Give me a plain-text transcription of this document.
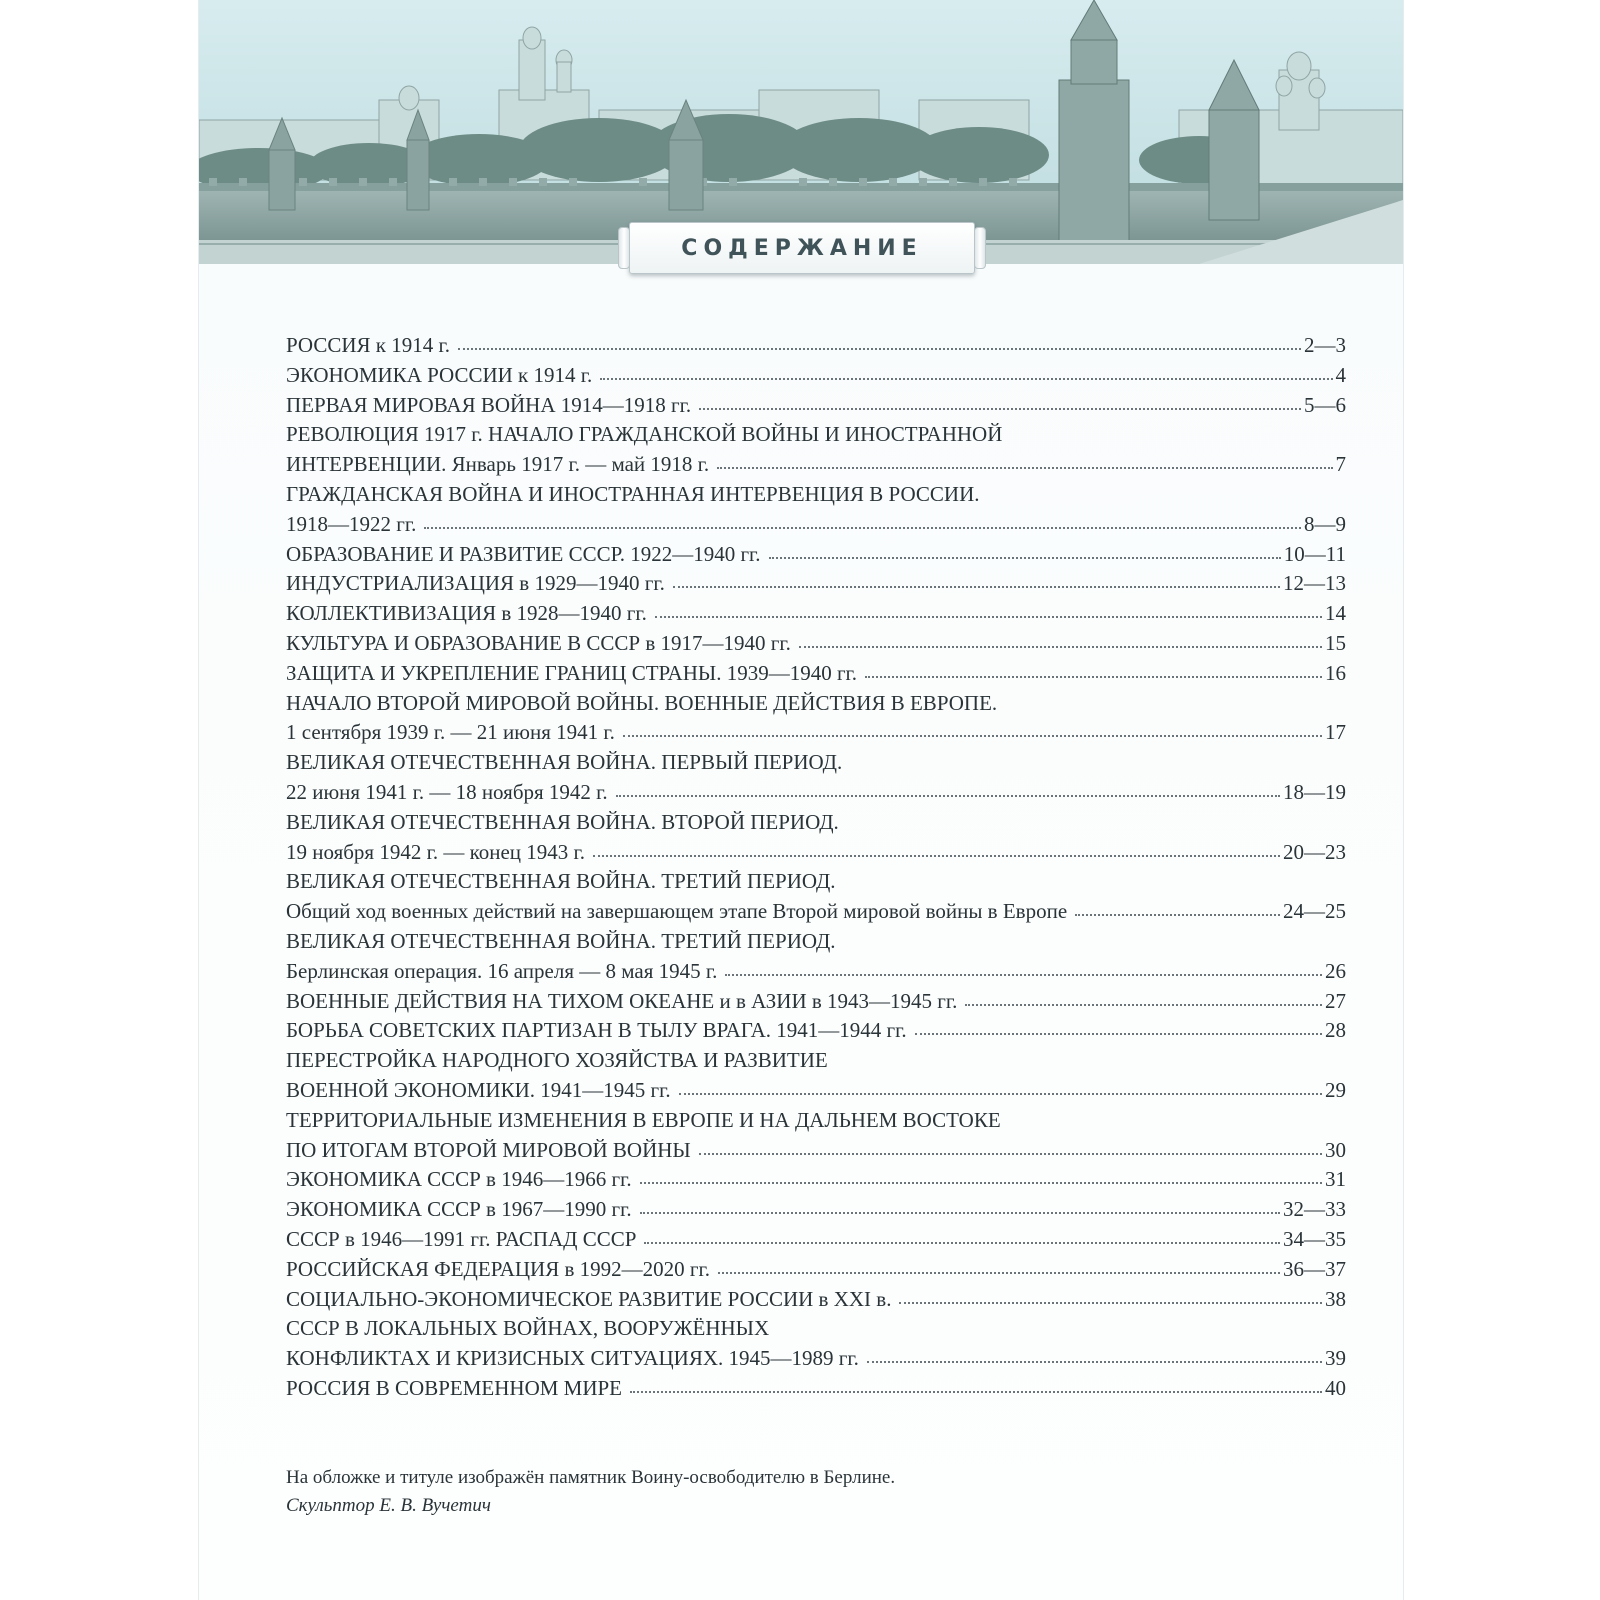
СОДЕРЖАНИЕ
РОССИЯ к 1914 г.	2—3
ЭКОНОМИКА РОССИИ к 1914 г.	4
ПЕРВАЯ МИРОВАЯ ВОЙНА 1914—1918 гг.	5—6
РЕВОЛЮЦИЯ 1917 г. НАЧАЛО ГРАЖДАНСКОЙ ВОЙНЫ И ИНОСТРАННОЙ
ИНТЕРВЕНЦИИ. Январь 1917 г. — май 1918 г.	7
ГРАЖДАНСКАЯ ВОЙНА И ИНОСТРАННАЯ ИНТЕРВЕНЦИЯ В РОССИИ.
1918—1922 гг.	8—9
ОБРАЗОВАНИЕ И РАЗВИТИЕ СССР. 1922—1940 гг.	10—11
ИНДУСТРИАЛИЗАЦИЯ в 1929—1940 гг.	12—13
КОЛЛЕКТИВИЗАЦИЯ в 1928—1940 гг.	14
КУЛЬТУРА И ОБРАЗОВАНИЕ В СССР в 1917—1940 гг.	15
ЗАЩИТА И УКРЕПЛЕНИЕ ГРАНИЦ СТРАНЫ. 1939—1940 гг.	16
НАЧАЛО ВТОРОЙ МИРОВОЙ ВОЙНЫ. ВОЕННЫЕ ДЕЙСТВИЯ В ЕВРОПЕ.
1 сентября 1939 г. — 21 июня 1941 г.	17
ВЕЛИКАЯ ОТЕЧЕСТВЕННАЯ ВОЙНА. ПЕРВЫЙ ПЕРИОД.
22 июня 1941 г. — 18 ноября 1942 г.	18—19
ВЕЛИКАЯ ОТЕЧЕСТВЕННАЯ ВОЙНА. ВТОРОЙ ПЕРИОД.
19 ноября 1942 г. — конец 1943 г.	20—23
ВЕЛИКАЯ ОТЕЧЕСТВЕННАЯ ВОЙНА. ТРЕТИЙ ПЕРИОД.
Общий ход военных действий на завершающем этапе Второй мировой войны в Европе	24—25
ВЕЛИКАЯ ОТЕЧЕСТВЕННАЯ ВОЙНА. ТРЕТИЙ ПЕРИОД.
Берлинская операция. 16 апреля — 8 мая 1945 г.	26
ВОЕННЫЕ ДЕЙСТВИЯ НА ТИХОМ ОКЕАНЕ и в АЗИИ в 1943—1945 гг.	27
БОРЬБА СОВЕТСКИХ ПАРТИЗАН В ТЫЛУ ВРАГА. 1941—1944 гг.	28
ПЕРЕСТРОЙКА НАРОДНОГО ХОЗЯЙСТВА И РАЗВИТИЕ
ВОЕННОЙ ЭКОНОМИКИ. 1941—1945 гг.	29
ТЕРРИТОРИАЛЬНЫЕ ИЗМЕНЕНИЯ В ЕВРОПЕ И НА ДАЛЬНЕМ ВОСТОКЕ
ПО ИТОГАМ ВТОРОЙ МИРОВОЙ ВОЙНЫ	30
ЭКОНОМИКА СССР в 1946—1966 гг.	31
ЭКОНОМИКА СССР в 1967—1990 гг.	32—33
СССР в 1946—1991 гг. РАСПАД СССР	34—35
РОССИЙСКАЯ ФЕДЕРАЦИЯ в 1992—2020 гг.	36—37
СОЦИАЛЬНО-ЭКОНОМИЧЕСКОЕ РАЗВИТИЕ РОССИИ в XXI в.	38
СССР В ЛОКАЛЬНЫХ ВОЙНАХ, ВООРУЖЁННЫХ
КОНФЛИКТАХ И КРИЗИСНЫХ СИТУАЦИЯХ. 1945—1989 гг.	39
РОССИЯ В СОВРЕМЕННОМ МИРЕ	40
На обложке и титуле изображён памятник Воину-освободителю в Берлине.
Скульптор Е. В. Вучетич
